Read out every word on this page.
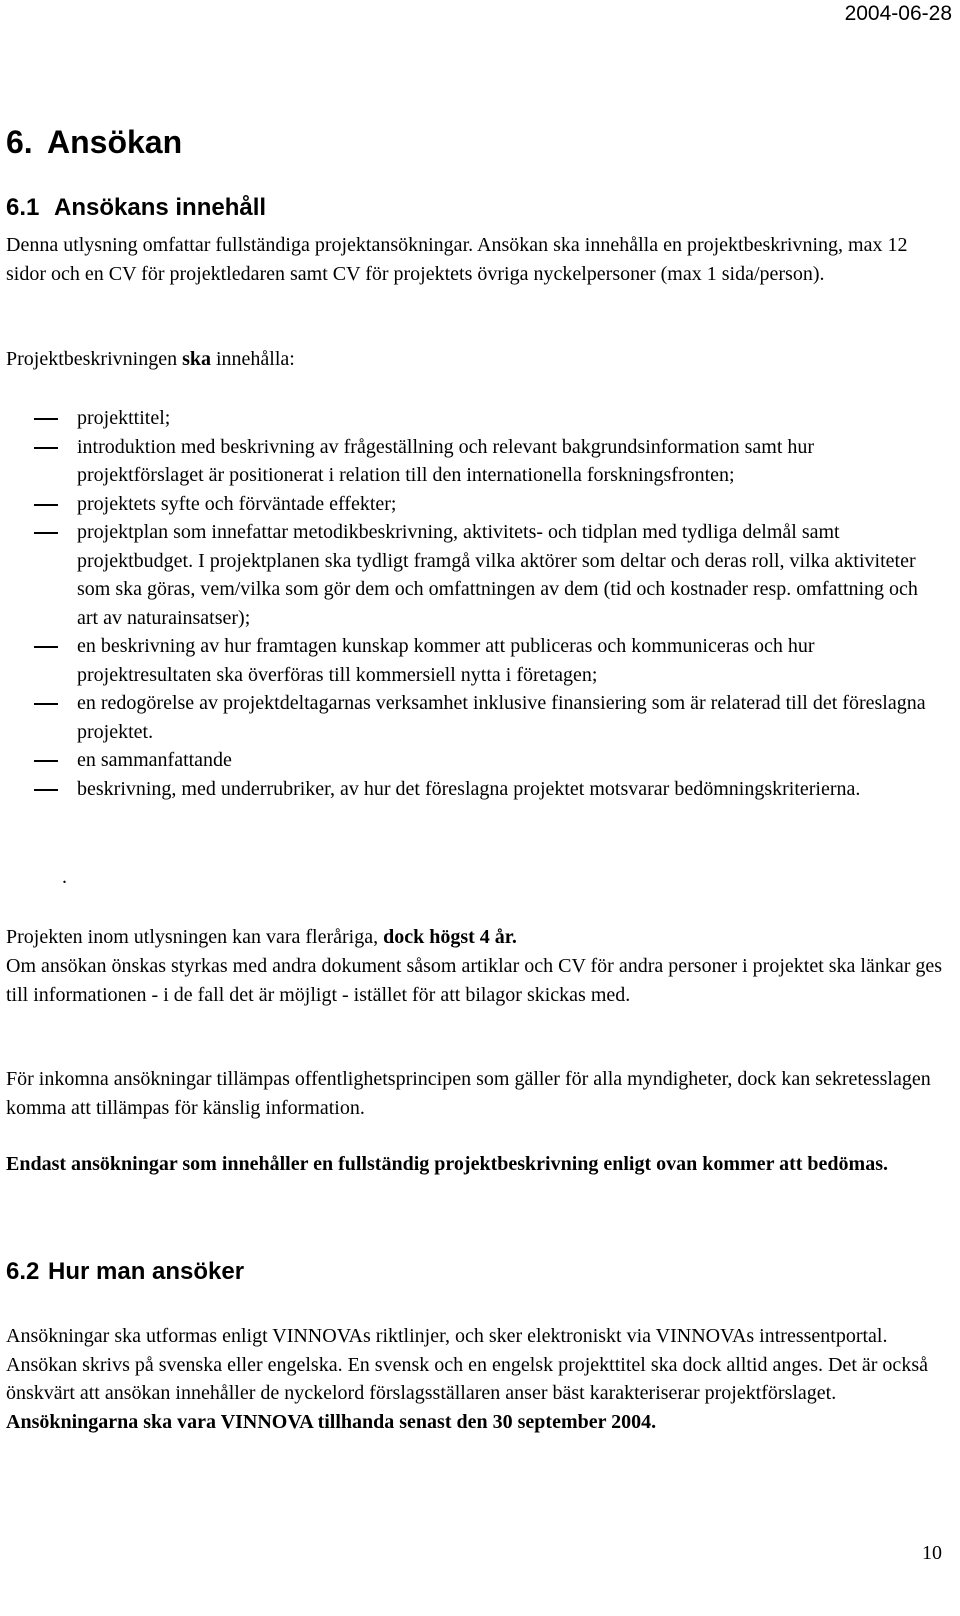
2004-06-28
6. Ansökan
6.1 Ansökans innehåll

Denna utlysning omfattar fullständiga projektansökningar. Ansökan ska innehålla en projektbeskrivning, max 12 sidor och en CV för projektledaren samt CV för projektets övriga nyckelpersoner (max 1 sida/person).

Projektbeskrivningen ska innehålla:

projekttitel;
introduktion med beskrivning av frågeställning och relevant bakgrundsinformation samt hur projektförslaget är positionerat i relation till den internationella forskningsfronten;
projektets syfte och förväntade effekter;
projektplan som innefattar metodikbeskrivning, aktivitets- och tidplan med tydliga delmål samt projektbudget. I projektplanen ska tydligt framgå vilka aktörer som deltar och deras roll, vilka aktiviteter som ska göras, vem/vilka som gör dem och omfattningen av dem (tid och kostnader resp. omfattning och art av naturainsatser);
en beskrivning av hur framtagen kunskap kommer att publiceras och kommuniceras och hur projektresultaten ska överföras till kommersiell nytta i företagen;
en redogörelse av projektdeltagarnas verksamhet inklusive finansiering som är relaterad till det föreslagna projektet.
en sammanfattande
beskrivning, med underrubriker, av hur det föreslagna projektet motsvarar bedömningskriterierna.
.

Projekten inom utlysningen kan vara fleråriga, dock högst 4 år.

Om ansökan önskas styrkas med andra dokument såsom artiklar och CV för andra personer i projektet ska länkar ges till informationen - i de fall det är möjligt - istället för att bilagor skickas med.

För inkomna ansökningar tillämpas offentlighetsprincipen som gäller för alla myndigheter, dock kan sekretesslagen komma att tillämpas för känslig information.

Endast ansökningar som innehåller en fullständig projektbeskrivning enligt ovan kommer att bedömas.

6.2 Hur man ansöker

Ansökningar ska utformas enligt VINNOVAs riktlinjer, och sker elektroniskt via VINNOVAs intressentportal. Ansökan skrivs på svenska eller engelska. En svensk och en engelsk projekttitel ska dock alltid anges. Det är också önskvärt att ansökan innehåller de nyckelord förslagsställaren anser bäst karakteriserar projektförslaget. Ansökningarna ska vara VINNOVA tillhanda senast den 30 september 2004.

10
